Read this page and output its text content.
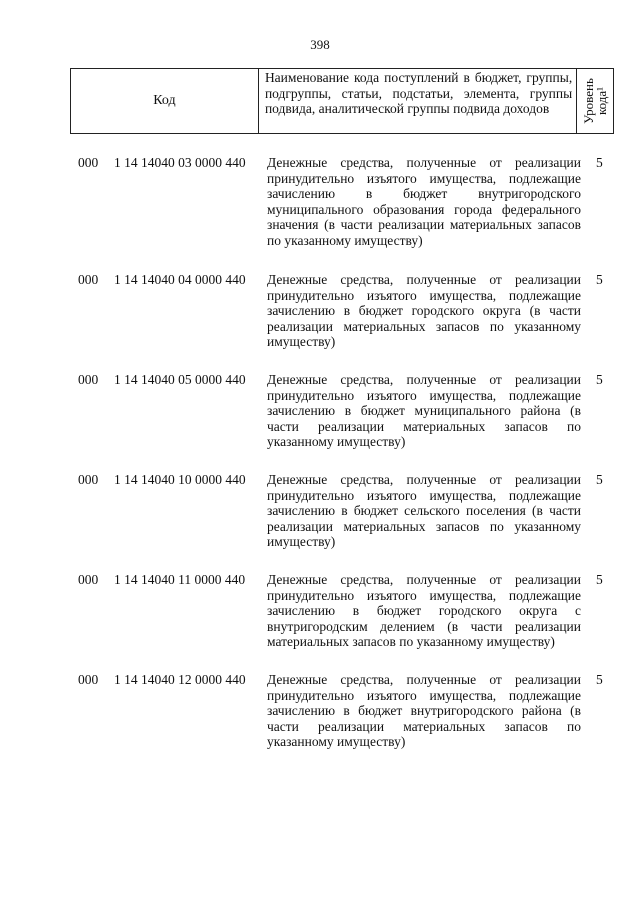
398
Код
Наименование кода поступлений в бюджет, группы, подгруппы, статьи, подстатьи, элемента, группы подвида, аналитической группы подвида доходов	Уровень
кода¹
000 1 14 14040 03 0000 440 Денежные средства, полученные от реализации принудительно изъятого имущества, подлежащие зачислению в бюджет внутригородского муниципального образования города федерального значения (в части реализации материальных запасов по указанному имуществу)
5
000 1 14 14040 04 0000 440 Денежные средства, полученные от реализации принудительно изъятого имущества, подлежащие зачислению в бюджет городского округа (в части реализации материальных запасов по указанному имуществу)
5
000 1 14 14040 05 0000 440 Денежные средства, полученные от реализации принудительно изъятого имущества, подлежащие зачислению в бюджет муниципального района (в части реализации материальных запасов по указанному имуществу)
5
000 1 14 14040 10 0000 440 Денежные средства, полученные от реализации принудительно изъятого имущества, подлежащие зачислению в бюджет сельского поселения (в части реализации материальных запасов по указанному имуществу)
5
000 1 14 14040 11 0000 440 Денежные средства, полученные от реализации принудительно изъятого имущества, подлежащие зачислению в бюджет городского округа с внутригородским делением (в части реализации материальных запасов по указанному имуществу)
5
000 1 14 14040 12 0000 440 Денежные средства, полученные от реализации принудительно изъятого имущества, подлежащие зачислению в бюджет внутригородского района (в части реализации материальных запасов по указанному имуществу)
5
